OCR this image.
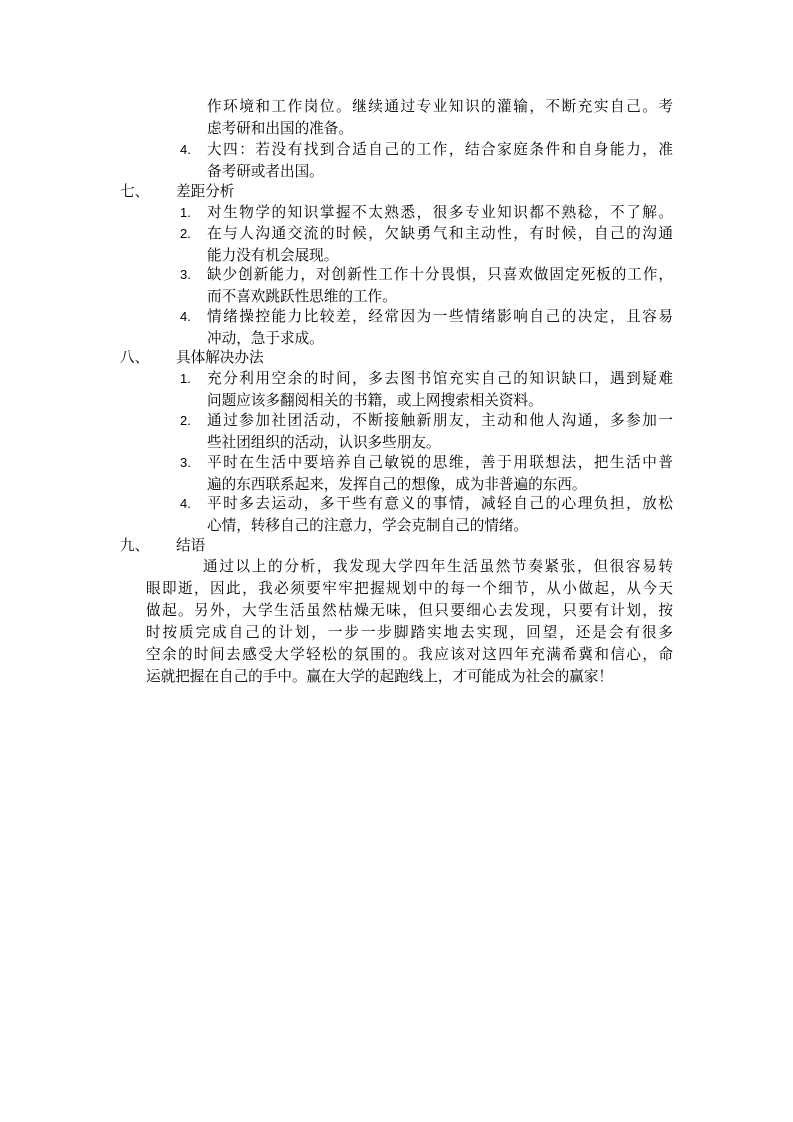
作环境和工作岗位。继续通过专业知识的灌输，不断充实自己。考
虑考研和出国的准备。
4. 大四：若没有找到合适自己的工作，结合家庭条件和自身能力，准
备考研或者出国。
七、 差距分析
1. 对生物学的知识掌握不太熟悉，很多专业知识都不熟稔，不了解。
2. 在与人沟通交流的时候，欠缺勇气和主动性，有时候，自己的沟通
能力没有机会展现。
3. 缺少创新能力，对创新性工作十分畏惧，只喜欢做固定死板的工作，
而不喜欢跳跃性思维的工作。
4. 情绪操控能力比较差，经常因为一些情绪影响自己的决定，且容易
冲动，急于求成。
八、 具体解决办法
1. 充分利用空余的时间，多去图书馆充实自己的知识缺口，遇到疑难
问题应该多翻阅相关的书籍，或上网搜索相关资料。
2. 通过参加社团活动，不断接触新朋友，主动和他人沟通，多参加一
些社团组织的活动，认识多些朋友。
3. 平时在生活中要培养自己敏锐的思维，善于用联想法，把生活中普
遍的东西联系起来，发挥自己的想像，成为非普遍的东西。
4. 平时多去运动，多干些有意义的事情，减轻自己的心理负担，放松
心情，转移自己的注意力，学会克制自己的情绪。
九、 结语
通过以上的分析，我发现大学四年生活虽然节奏紧张，但很容易转
眼即逝，因此，我必须要牢牢把握规划中的每一个细节，从小做起，从今天
做起。另外，大学生活虽然枯燥无味，但只要细心去发现，只要有计划，按
时按质完成自己的计划，一步一步脚踏实地去实现，回望，还是会有很多
空余的时间去感受大学轻松的氛围的。我应该对这四年充满希冀和信心，命
运就把握在自己的手中。赢在大学的起跑线上，才可能成为社会的赢家！
